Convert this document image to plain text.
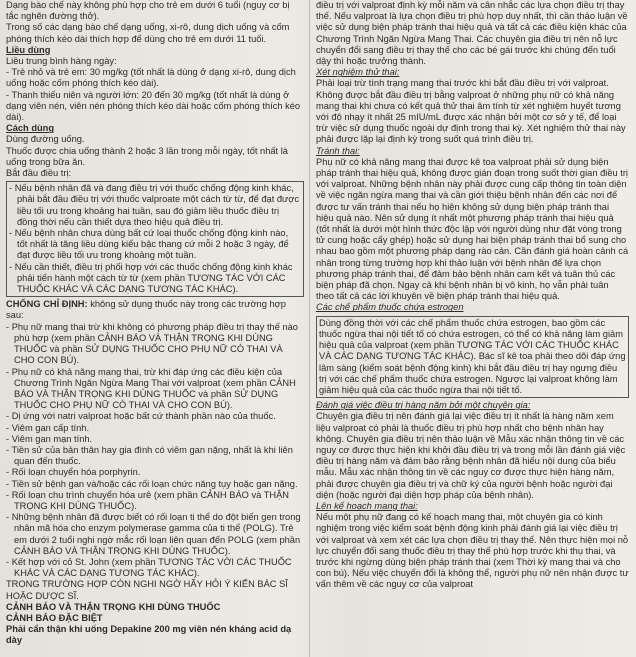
Dạng bào chế này không phù hợp cho trẻ em dưới 6 tuổi (nguy cơ bị tắc nghẽn đường thở).

Trong số các dạng bào chế dạng uống, xi-rô, dung dịch uống và cốm phóng thích kéo dài thích hợp để dùng cho trẻ em dưới 11 tuổi.

Liều dùng

Liều trung bình hàng ngày:

- Trẻ nhỏ và trẻ em: 30 mg/kg (tốt nhất là dùng ở dạng xi-rô, dung dịch uống hoặc cốm phóng thích kéo dài).

- Thanh thiếu niên và người lớn: 20 đến 30 mg/kg (tốt nhất là dùng ở dạng viên nén, viên nén phóng thích kéo dài hoặc cốm phóng thích kéo dài).

Cách dùng

Dùng đường uống.

Thuốc được chia uống thành 2 hoặc 3 lần trong mỗi ngày, tốt nhất là uống trong bữa ăn.

Bắt đầu điều trị:

- Nếu bệnh nhân đã và đang điều trị với thuốc chống động kinh khác, phải bắt đầu điều trị với thuốc valproate một cách từ từ, để đạt được liều tối ưu trong khoảng hai tuần, sau đó giảm liều thuốc điều trị đồng thời nếu cần thiết dựa theo hiệu quả điều trị.

- Nếu bệnh nhân chưa dùng bất cứ loại thuốc chống động kinh nào, tốt nhất là tăng liều dùng kiểu bậc thang cứ mỗi 2 hoặc 3 ngày, để đạt được liều tối ưu trong khoảng một tuần.

- Nếu cần thiết, điều trị phối hợp với các thuốc chống động kinh khác phải tiến hành một cách từ từ (xem phần TƯƠNG TÁC VỚI CÁC THUỐC KHÁC VÀ CÁC DẠNG TƯƠNG TÁC KHÁC).

CHỐNG CHỈ ĐỊNH: không sử dụng thuốc này trong các trường hợp sau:

- Phụ nữ mang thai trừ khi không có phương pháp điều trị thay thế nào phù hợp (xem phần CẢNH BÁO VÀ THẬN TRỌNG KHI DÙNG THUỐC và phần SỬ DỤNG THUỐC CHO PHỤ NỮ CÓ THAI VÀ CHO CON BÚ).

- Phụ nữ có khả năng mang thai, trừ khi đáp ứng các điều kiện của Chương Trình Ngăn Ngừa Mang Thai với valproat (xem phần CẢNH BÁO VÀ THẬN TRỌNG KHI DÙNG THUỐC và phần SỬ DỤNG THUỐC CHO PHỤ NỮ CÓ THAI VÀ CHO CON BÚ).

- Dị ứng với natri valproat hoặc bất cứ thành phần nào của thuốc.

- Viêm gan cấp tính.

- Viêm gan mạn tính.

- Tiền sử của bản thân hay gia đình có viêm gan nặng, nhất là khi liên quan đến thuốc.

- Rối loạn chuyển hóa porphyrin.

- Tiền sử bệnh gan và/hoặc các rối loạn chức năng tụy hoặc gan nặng.

- Rối loạn chu trình chuyển hóa urê (xem phần CẢNH BÁO và THẬN TRỌNG KHI DÙNG THUỐC).

- Những bệnh nhân đã được biết có rối loạn ti thể do đột biến gen trong nhân mã hóa cho enzym polymerase gamma của ti thể (POLG). Trẻ em dưới 2 tuổi nghi ngờ mắc rối loạn liên quan đến POLG (xem phần CẢNH BÁO VÀ THẬN TRỌNG KHI DÙNG THUỐC).

- Kết hợp với cỏ St. John (xem phần TƯƠNG TÁC VỚI CÁC THUỐC KHÁC VÀ CÁC DẠNG TƯƠNG TÁC KHÁC).

TRONG TRƯỜNG HỢP CÒN NGHI NGỜ HÃY HỎI Ý KIẾN BÁC SĨ HOẶC DƯỢC SĨ.

CẢNH BÁO VÀ THẬN TRỌNG KHI DÙNG THUỐC

CẢNH BÁO ĐẶC BIỆT

Phải cẩn thận khi uống Depakine 200 mg viên nén kháng acid dạ dày

điều trị với valproat định kỳ mỗi năm và cân nhắc các lựa chọn điều trị thay thế. Nếu valproat là lựa chọn điều trị phù hợp duy nhất, thì cần thảo luận về việc sử dụng biện pháp tránh thai hiệu quả và tất cả các điều kiện khác của Chương Trình Ngăn Ngừa Mang Thai. Các chuyên gia điều trị nên nỗ lực chuyển đổi sang điều trị thay thế cho các bé gái trước khi chúng đến tuổi dậy thì hoặc trưởng thành.

Xét nghiệm thử thai:

Phải loại trừ tình trạng mang thai trước khi bắt đầu điều trị với valproat. Không được bắt đầu điều trị bằng valproat ở những phụ nữ có khả năng mang thai khi chưa có kết quả thử thai âm tính từ xét nghiệm huyết tương với độ nhạy ít nhất 25 mIU/mL được xác nhận bởi một cơ sở y tế, để loại trừ việc sử dụng thuốc ngoài dự định trong thai kỳ. Xét nghiệm thử thai này phải được lặp lại định kỳ trong suốt quá trình điều trị.

Tránh thai:

Phụ nữ có khả năng mang thai được kê toa valproat phải sử dụng biện pháp tránh thai hiệu quả, không được gián đoạn trong suốt thời gian điều trị với valproat. Những bệnh nhân này phải được cung cấp thông tin toàn diện về việc ngăn ngừa mang thai và cần giới thiệu bệnh nhân đến các nơi để được tư vấn tránh thai nếu họ hiện không sử dụng biện pháp tránh thai hiệu quả nào. Nên sử dụng ít nhất một phương pháp tránh thai hiệu quả (tốt nhất là dưới một hình thức độc lập với người dùng như đặt vòng trong tử cung hoặc cấy ghép) hoặc sử dụng hai biện pháp tránh thai bổ sung cho nhau bao gồm một phương pháp dạng rào cản. Cần đánh giá hoàn cảnh cá nhân trong từng trường hợp khi thảo luận với bệnh nhân để lựa chọn phương pháp tránh thai, để đảm bảo bệnh nhân cam kết và tuân thủ các biện pháp đã chọn. Ngay cả khi bệnh nhân bị vô kinh, họ vẫn phải tuân theo tất cả các lời khuyên về biện pháp tránh thai hiệu quả.

Các chế phẩm thuốc chứa estrogen

Dùng đồng thời với các chế phẩm thuốc chứa estrogen, bao gồm các thuốc ngừa thai nội tiết tố có chứa estrogen, có thể có khả năng làm giảm hiệu quả của valproat (xem phần TƯƠNG TÁC VỚI CÁC THUỐC KHÁC VÀ CÁC DẠNG TƯƠNG TÁC KHÁC). Bác sĩ kê toa phải theo dõi đáp ứng lâm sàng (kiểm soát bệnh động kinh) khi bắt đầu điều trị hay ngưng điều trị với các chế phẩm thuốc chứa estrogen. Ngược lại valproat không làm giảm hiệu quả của các thuốc ngừa thai nội tiết tố.

Đánh giá việc điều trị hàng năm bởi một chuyên gia:

Chuyên gia điều trị nên đánh giá lại việc điều trị ít nhất là hàng năm xem liệu valproat có phải là thuốc điều trị phù hợp nhất cho bệnh nhân hay không. Chuyên gia điều trị nên thảo luận về Mẫu xác nhận thông tin về các nguy cơ được thực hiện khi khởi đầu điều trị và trong mỗi lần đánh giá việc điều trị hàng năm và đảm bảo rằng bệnh nhân đã hiểu nội dung của biểu mẫu. Mẫu xác nhận thông tin về các nguy cơ được thực hiện hàng năm, phải được chuyên gia điều trị và chữ ký của người bệnh hoặc người đại diện (hoặc người đại diện hợp pháp của bệnh nhân).

Lên kế hoạch mang thai:

Nếu một phụ nữ đang có kế hoạch mang thai, một chuyên gia có kinh nghiệm trong việc kiểm soát bệnh động kinh phải đánh giá lại việc điều trị với valproat và xem xét các lựa chọn điều trị thay thế. Nên thực hiện mọi nỗ lực chuyển đổi sang thuốc điều trị thay thế phù hợp trước khi thụ thai, và trước khi ngừng dùng biện pháp tránh thai (xem Thời kỳ mang thai và cho con bú). Nếu việc chuyển đổi là không thể, người phụ nữ nên nhận được tư vấn thêm về các nguy cơ của valproat
